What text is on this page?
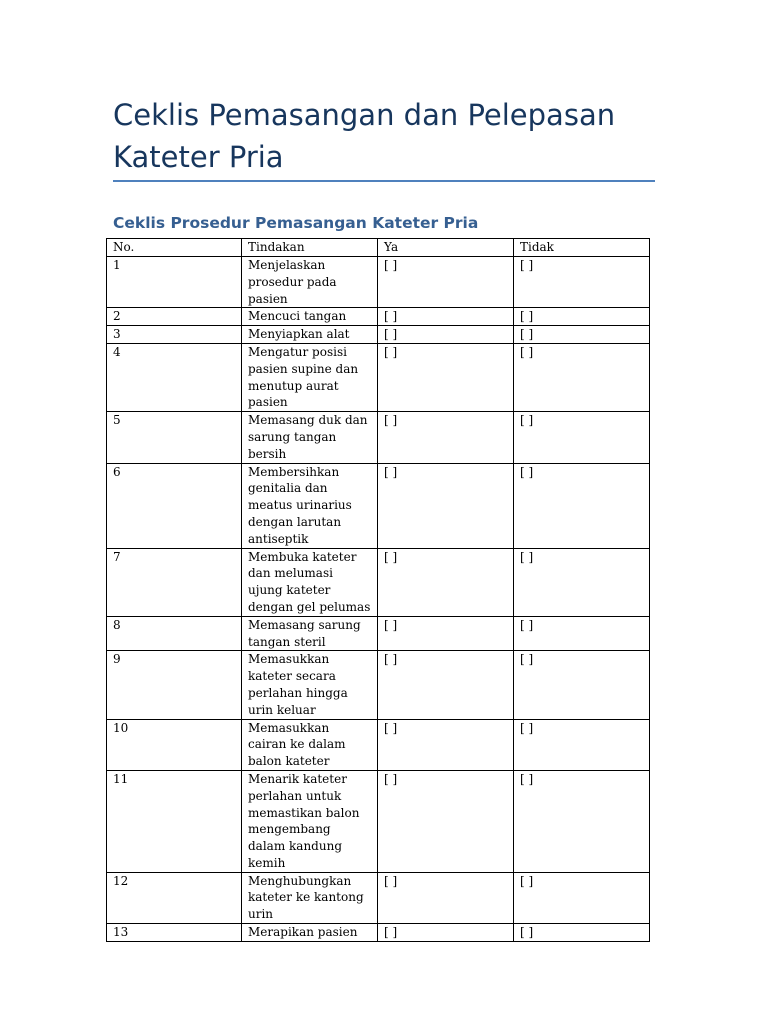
Ceklis Pemasangan dan Pelepasan Kateter Pria
Ceklis Prosedur Pemasangan Kateter Pria
No.	Tindakan	Ya	Tidak
1	Menjelaskan prosedur pada pasien	[ ]	[ ]
2	Mencuci tangan	[ ]	[ ]
3	Menyiapkan alat	[ ]	[ ]
4	Mengatur posisi pasien supine dan menutup aurat pasien	[ ]	[ ]
5	Memasang duk dan sarung tangan bersih	[ ]	[ ]
6	Membersihkan genitalia dan meatus urinarius dengan larutan antiseptik	[ ]	[ ]
7	Membuka kateter dan melumasi ujung kateter dengan gel pelumas	[ ]	[ ]
8	Memasang sarung tangan steril	[ ]	[ ]
9	Memasukkan kateter secara perlahan hingga urin keluar	[ ]	[ ]
10	Memasukkan cairan ke dalam balon kateter	[ ]	[ ]
11	Menarik kateter perlahan untuk memastikan balon mengembang dalam kandung kemih	[ ]	[ ]
12	Menghubungkan kateter ke kantong urin	[ ]	[ ]
13	Merapikan pasien	[ ]	[ ]
